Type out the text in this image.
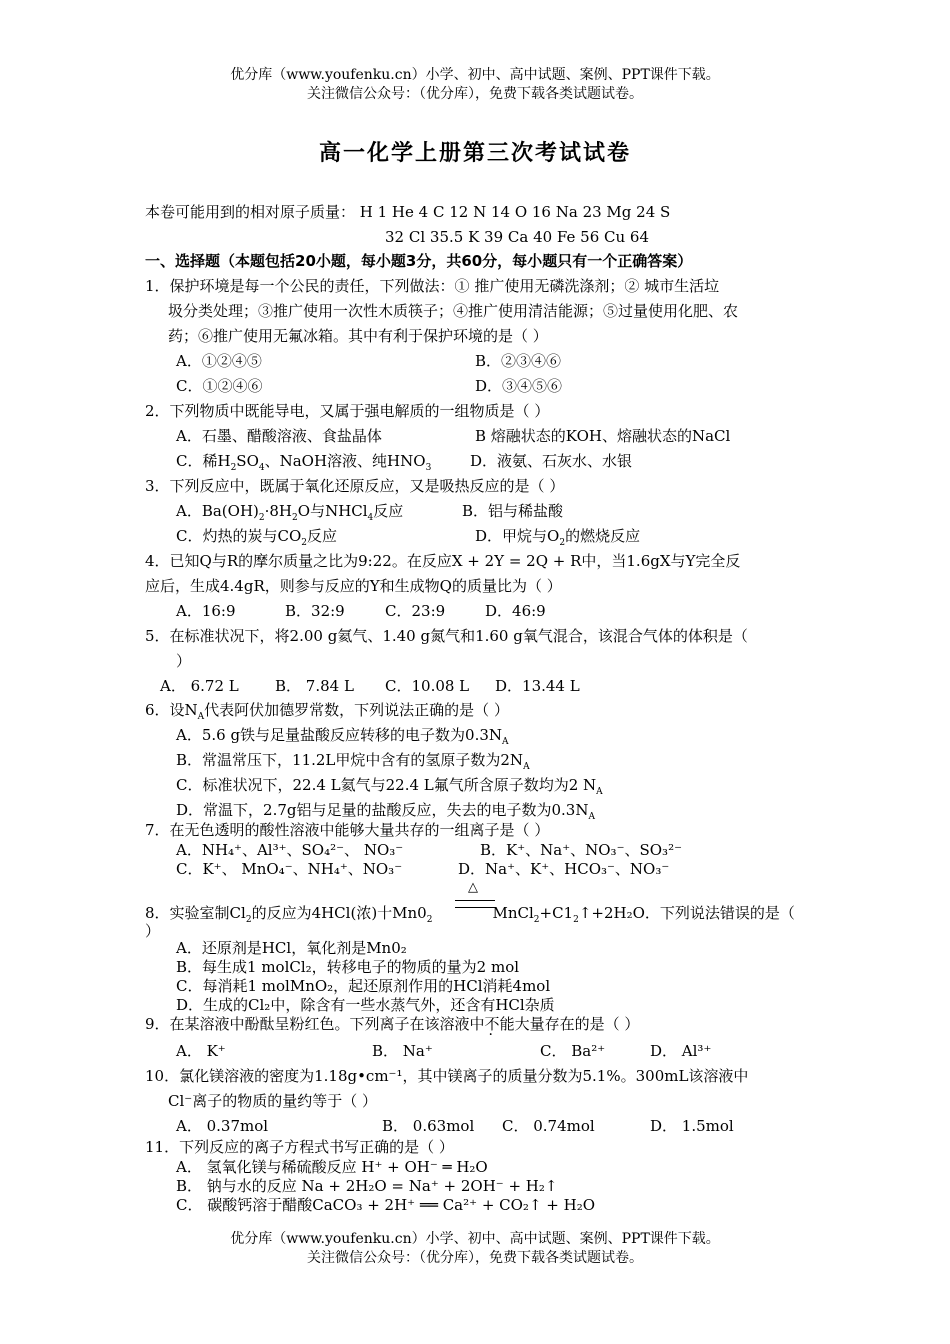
优分库（www.youfenku.cn）小学、初中、高中试题、案例、PPT课件下载。
关注微信公众号：（优分库），免费下载各类试题试卷。
高一化学上册第三次考试试卷
本卷可能用到的相对原子质量： H 1 He 4 C 12 N 14 O 16 Na 23 Mg 24 S
32 Cl 35.5 K 39 Ca 40 Fe 56 Cu 64
一、选择题（本题包括20小题，每小题3分，共60分，每小题只有一个正确答案）
1．保护环境是每一个公民的责任，下列做法：① 推广使用无磷洗涤剂；② 城市生活垃
圾分类处理；③推广使用一次性木质筷子；④推广使用清洁能源；⑤过量使用化肥、农
药；⑥推广使用无氟冰箱。其中有利于保护环境的是（ ）
A．①②④⑤	B．②③④⑥
C．①②④⑥	D．③④⑤⑥
2．下列物质中既能导电，又属于强电解质的一组物质是（ ）
A．石墨、醋酸溶液、食盐晶体	B 熔融状态的KOH、熔融状态的NaCl
C．稀$H_2SO_4$、NaOH溶液、纯$HNO_3$	D．液氨、石灰水、水银
3．下列反应中，既属于氧化还原反应，又是吸热反应的是（ ）
A．$Ba(OH)_2\cdot 8H_2O$与NHCl$_4$反应	B．铝与稀盐酸
C．灼热的炭与$CO_2$反应	D．甲烷与$O_2$的燃烧反应
4．已知Q与R的摩尔质量之比为9:22。在反应X + 2Y = 2Q + R中，当1.6gX与Y完全反
应后，生成4.4gR，则参与反应的Y和生成物Q的质量比为（ ）
A．16:9	B．32:9	C．23:9	D．46:9
5．在标准状况下，将2.00 g氦气、1.40 g氮气和1.60 g氧气混合，该混合气体的体积是（
）
A． 6.72 L B． 7.84 L C．10.08 L D．13.44 L
6．设$N_A$代表阿伏加德罗常数，下列说法正确的是（ ）
A．5.6 g铁与足量盐酸反应转移的电子数为$0.3N_A$
B．常温常压下，11.2L甲烷中含有的氢原子数为$2N_A$
C．标准状况下，22.4 L氦气与22.4 L氟气所含原子数均为2 $N_A$
D．常温下，2.7g铝与足量的盐酸反应，失去的电子数为$0.3N_A$
7．在无色透明的酸性溶液中能够大量共存的一组离子是（ ）
A．NH₄⁺、Al³⁺、SO₄²⁻、 NO₃⁻	B．K⁺、Na⁺、NO₃⁻、SO₃²⁻
C．K⁺、 MnO₄⁻、NH₄⁺、NO₃⁻	D．Na⁺、K⁺、HCO₃⁻、NO₃⁻
△
8．实验室制$Cl_2$的反应为4HCl(浓)十$Mn0_2$	$MnCl_2+C1_2↑+2H_2O$．下列说法错误的是（
）
A．还原剂是HCl，氧化剂是Mn0₂
B．每生成1 molCl₂，转移电子的物质的量为2 mol
C．每消耗1 molMnO₂，起还原剂作用的HCl消耗4mol
D．生成的Cl₂中，除含有一些水蒸气外，还含有HCl杂质
9．在某溶液中酚酞呈粉红色。下列离子在该溶液中不能大量存在的是（ ）
A． K⁺	B． Na⁺	C． Ba²⁺	D． Al³⁺
10．氯化镁溶液的密度为1.18g•cm⁻¹，其中镁离子的质量分数为5.1%。300mL该溶液中
Cl⁻离子的物质的量约等于（ ）
A． 0.37mol	B． 0.63mol C． 0.74mol	D． 1.5mol
11．下列反应的离子方程式书写正确的是（ ）
A． 氢氧化镁与稀硫酸反应 H⁺ + OH⁻ ═ H₂O
B． 钠与水的反应 Na + 2H₂O = Na⁺ + 2OH⁻ + H₂↑
C． 碳酸钙溶于醋酸CaCO₃ + 2H⁺ ══ Ca²⁺ + CO₂↑ + H₂O
优分库（www.youfenku.cn）小学、初中、高中试题、案例、PPT课件下载。
关注微信公众号：（优分库），免费下载各类试题试卷。
